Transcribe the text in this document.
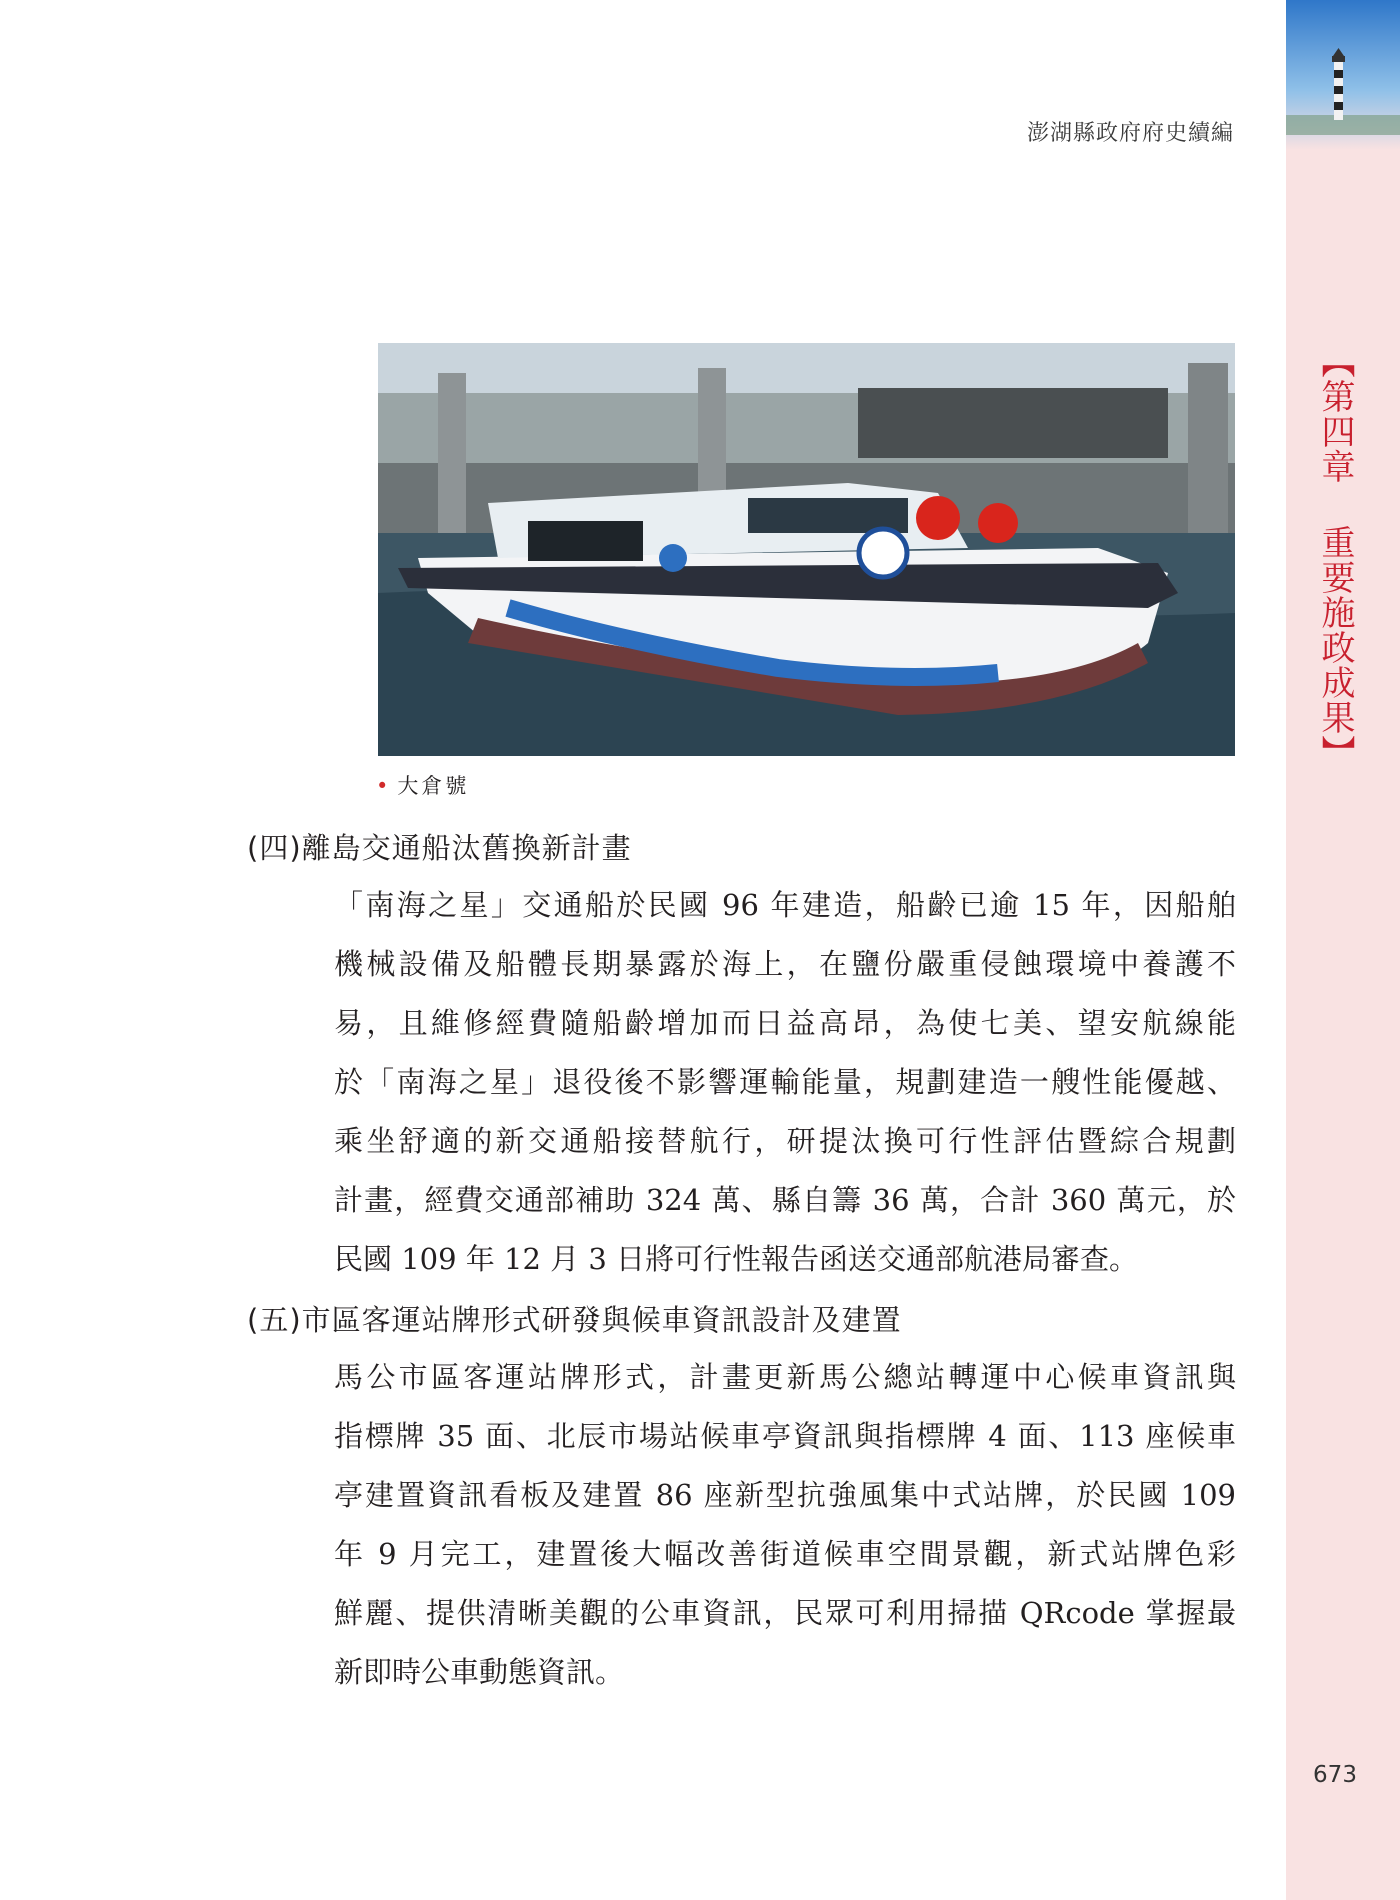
【第四章 重要施政成果】
澎湖縣政府府史續編
• 大倉號
(四)離島交通船汰舊換新計畫
「南海之星」交通船於民國 96 年建造，船齡已逾 15 年，因船舶
機械設備及船體長期暴露於海上，在鹽份嚴重侵蝕環境中養護不
易，且維修經費隨船齡增加而日益高昂，為使七美、望安航線能
於「南海之星」退役後不影響運輸能量，規劃建造一艘性能優越、
乘坐舒適的新交通船接替航行，研提汰換可行性評估暨綜合規劃
計畫，經費交通部補助 324 萬、縣自籌 36 萬，合計 360 萬元，於
民國 109 年 12 月 3 日將可行性報告函送交通部航港局審查。
(五)市區客運站牌形式研發與候車資訊設計及建置
馬公市區客運站牌形式，計畫更新馬公總站轉運中心候車資訊與
指標牌 35 面、北辰市場站候車亭資訊與指標牌 4 面、113 座候車
亭建置資訊看板及建置 86 座新型抗強風集中式站牌，於民國 109
年 9 月完工，建置後大幅改善街道候車空間景觀，新式站牌色彩
鮮麗、提供清晰美觀的公車資訊，民眾可利用掃描 QRcode 掌握最
新即時公車動態資訊。
673
